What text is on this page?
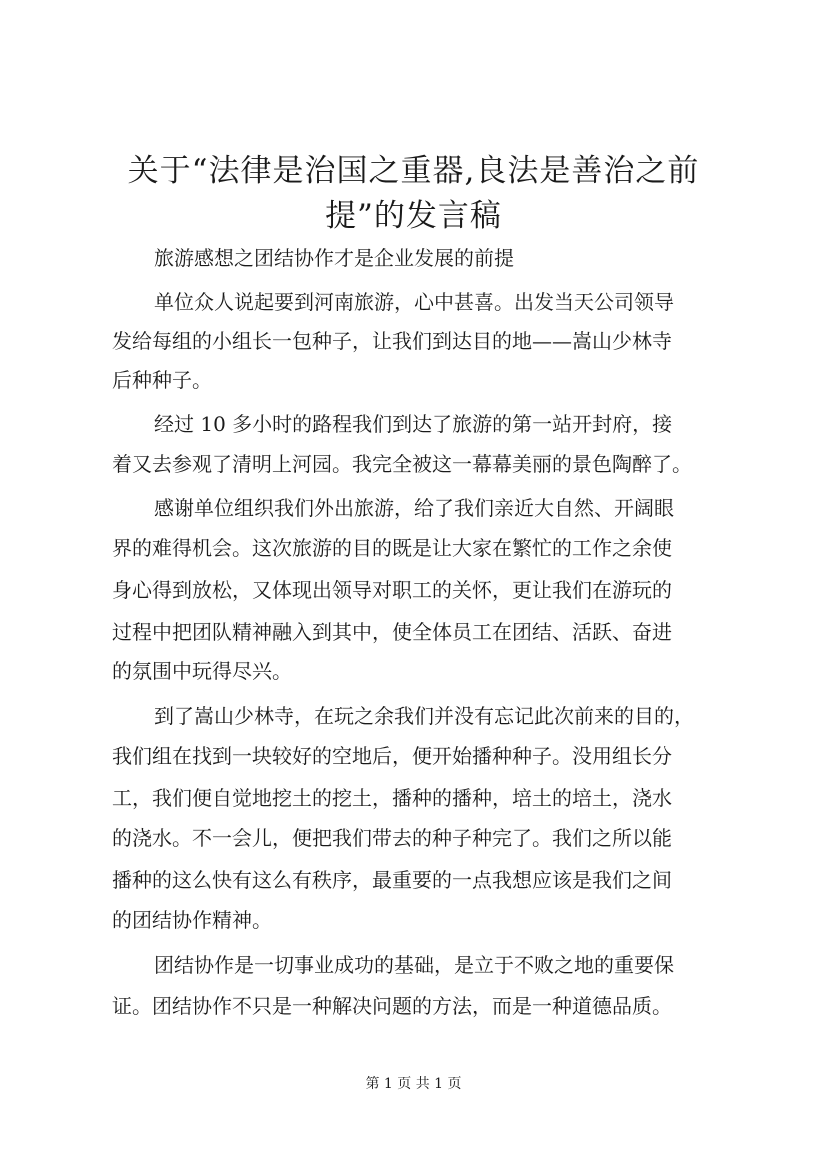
关于“法律是治国之重器,良法是善治之前
提”的发言稿

旅游感想之团结协作才是企业发展的前提

单位众人说起要到河南旅游，心中甚喜。出发当天公司领导

发给每组的小组长一包种子，让我们到达目的地——嵩山少林寺

后种种子。

经过 10 多小时的路程我们到达了旅游的第一站开封府，接

着又去参观了清明上河园。我完全被这一幕幕美丽的景色陶醉了。

感谢单位组织我们外出旅游，给了我们亲近大自然、开阔眼

界的难得机会。这次旅游的目的既是让大家在繁忙的工作之余使

身心得到放松，又体现出领导对职工的关怀，更让我们在游玩的

过程中把团队精神融入到其中，使全体员工在团结、活跃、奋进

的氛围中玩得尽兴。

到了嵩山少林寺，在玩之余我们并没有忘记此次前来的目的，

我们组在找到一块较好的空地后，便开始播种种子。没用组长分

工，我们便自觉地挖土的挖土，播种的播种，培土的培土，浇水

的浇水。不一会儿，便把我们带去的种子种完了。我们之所以能

播种的这么快有这么有秩序，最重要的一点我想应该是我们之间

的团结协作精神。

团结协作是一切事业成功的基础，是立于不败之地的重要保

证。团结协作不只是一种解决问题的方法，而是一种道德品质。

第 1 页 共 1 页
